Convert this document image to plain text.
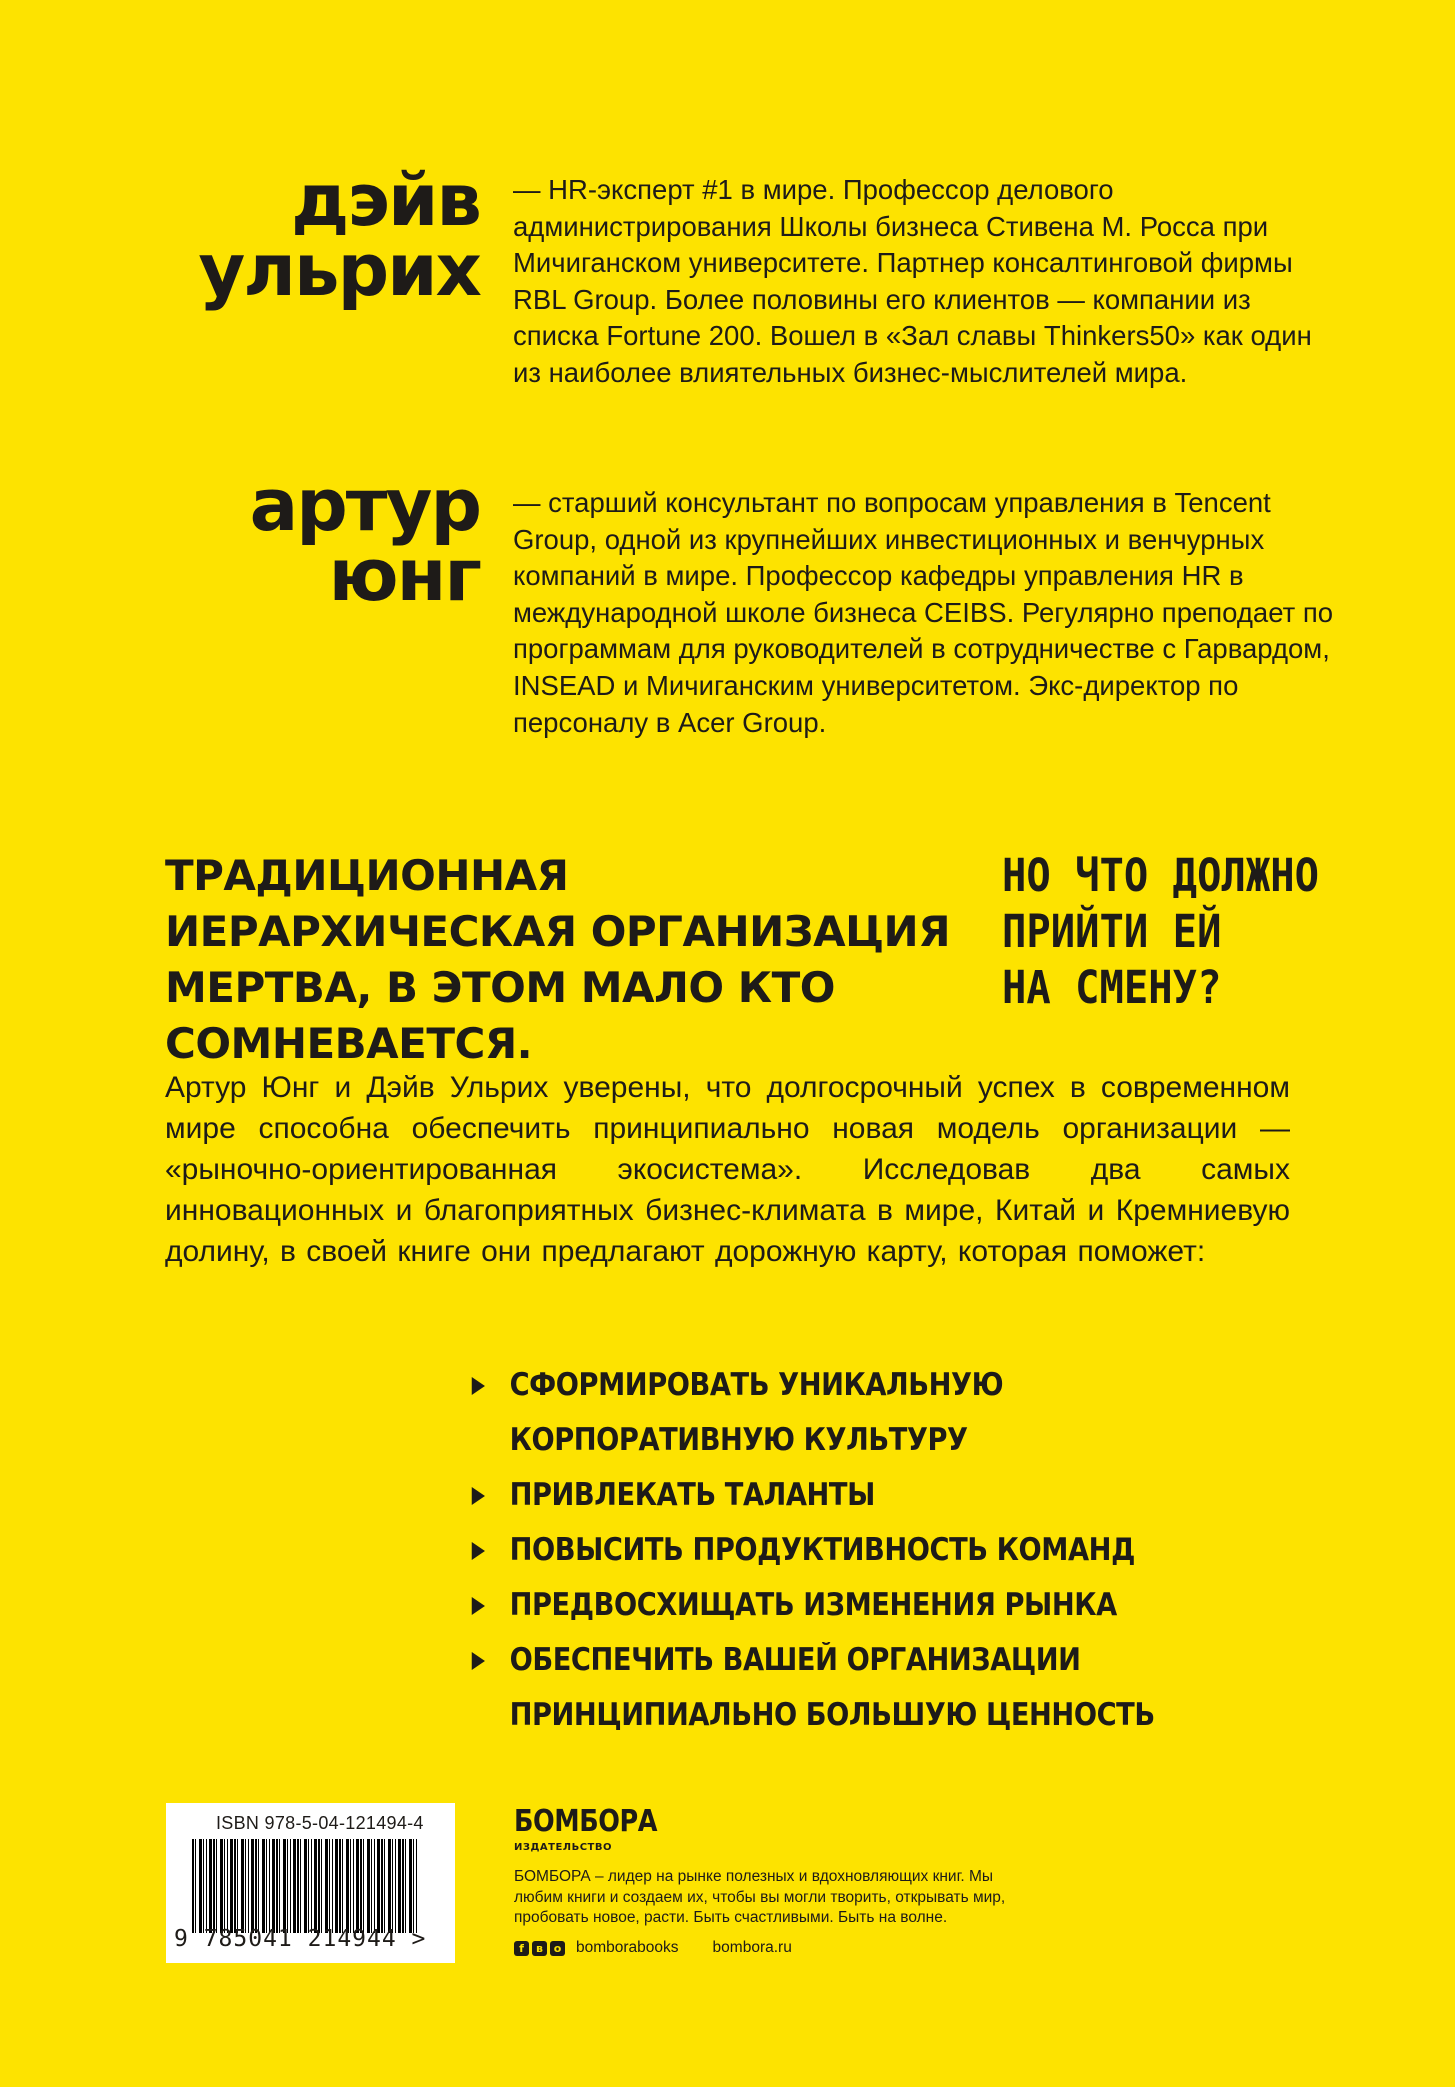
дэйв
ульрих

— HR-эксперт #1 в мире. Профессор делового администрирования Школы бизнеса Стивена М. Росса при Мичиганском университете. Партнер консалтинговой фирмы RBL Group. Более половины его клиентов — компании из списка Fortune 200. Вошел в «Зал славы Thinkers50» как один из наиболее влиятельных бизнес-мыслителей мира.

артур
юнг

— старший консультант по вопросам управления в Tencent Group, одной из крупнейших инвестиционных и венчурных компаний в мире. Профессор кафедры управления HR в международной школе бизнеса CEIBS. Регулярно преподает по программам для руководителей в сотрудничестве с Гарвардом, INSEAD и Мичиганским университетом. Экс-директор по персоналу в Acer Group.

ТРАДИЦИОННАЯ ИЕРАРХИЧЕСКАЯ ОРГАНИЗАЦИЯ МЕРТВА, В ЭТОМ МАЛО КТО СОМНЕВАЕТСЯ.
НО ЧТО ДОЛЖНО
ПРИЙТИ ЕЙ
НА СМЕНУ?

Артур Юнг и Дэйв Ульрих уверены, что долгосрочный успех в современном мире способна обеспечить принципиально новая модель организации — «рыночно-ориентированная экосистема». Исследовав два самых инновационных и благоприятных бизнес-климата в мире, Китай и Кремниевую долину, в своей книге они предлагают дорожную карту, которая поможет:

СФОРМИРОВАТЬ УНИКАЛЬНУЮ
КОРПОРАТИВНУЮ КУЛЬТУРУ
ПРИВЛЕКАТЬ ТАЛАНТЫ
ПОВЫСИТЬ ПРОДУКТИВНОСТЬ КОМАНД
ПРЕДВОСХИЩАТЬ ИЗМЕНЕНИЯ РЫНКА
ОБЕСПЕЧИТЬ ВАШЕЙ ОРГАНИЗАЦИИ
ПРИНЦИПИАЛЬНО БОЛЬШУЮ ЦЕННОСТЬ
ISBN 978-5-04-121494-4
9 785041 214944 >
БОМБОРА
ИЗДАТЕЛЬСТВО

БОМБОРА – лидер на рынке полезных и вдохновляющих книг. Мы любим книги и создаем их, чтобы вы могли творить, открывать мир, пробовать новое, расти. Быть счастливыми. Быть на волне.

f	в o bomborabooks bombora.ru
